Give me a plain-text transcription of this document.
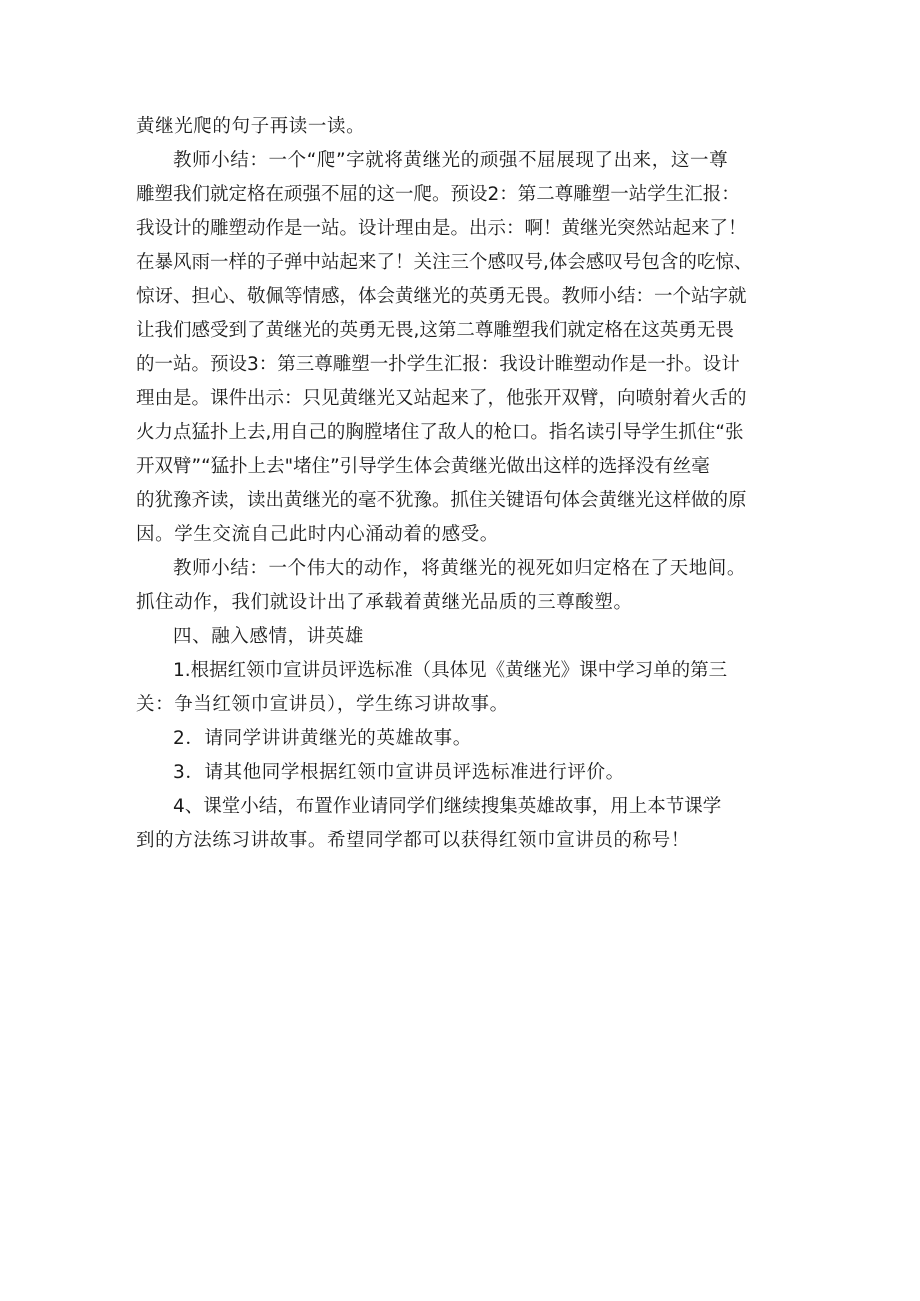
黄继光爬的句子再读一读。
教师小结：一个“爬”字就将黄继光的顽强不屈展现了出来，这一尊
雕塑我们就定格在顽强不屈的这一爬。预设2：第二尊雕塑一站学生汇报：
我设计的雕塑动作是一站。设计理由是。出示：啊！黄继光突然站起来了！
在暴风雨一样的子弹中站起来了！关注三个感叹号,体会感叹号包含的吃惊、
惊讶、担心、敬佩等情感，体会黄继光的英勇无畏。教师小结：一个站字就
让我们感受到了黄继光的英勇无畏,这第二尊雕塑我们就定格在这英勇无畏
的一站。预设3：第三尊雕塑一扑学生汇报：我设计睢塑动作是一扑。设计
理由是。课件出示：只见黄继光又站起来了，他张开双臂，向喷射着火舌的
火力点猛扑上去,用自己的胸膛堵住了敌人的枪口。指名读引导学生抓住“张
开双臂”“猛扑上去"堵住”引导学生体会黄继光做出这样的选择没有丝毫
的犹豫齐读，读出黄继光的毫不犹豫。抓住关键语句体会黄继光这样做的原
因。学生交流自己此时内心涌动着的感受。
教师小结：一个伟大的动作，将黄继光的视死如归定格在了天地间。
抓住动作，我们就设计出了承载着黄继光品质的三尊酸塑。
四、融入感情，讲英雄
1.根据红领巾宣讲员评选标准（具体见《黄继光》课中学习单的第三
关：争当红领巾宣讲员），学生练习讲故事。
2．请同学讲讲黄继光的英雄故事。
3．请其他同学根据红领巾宣讲员评选标准进行评价。
4、课堂小结，布置作业请同学们继续搜集英雄故事，用上本节课学
到的方法练习讲故事。希望同学都可以获得红领巾宣讲员的称号！
